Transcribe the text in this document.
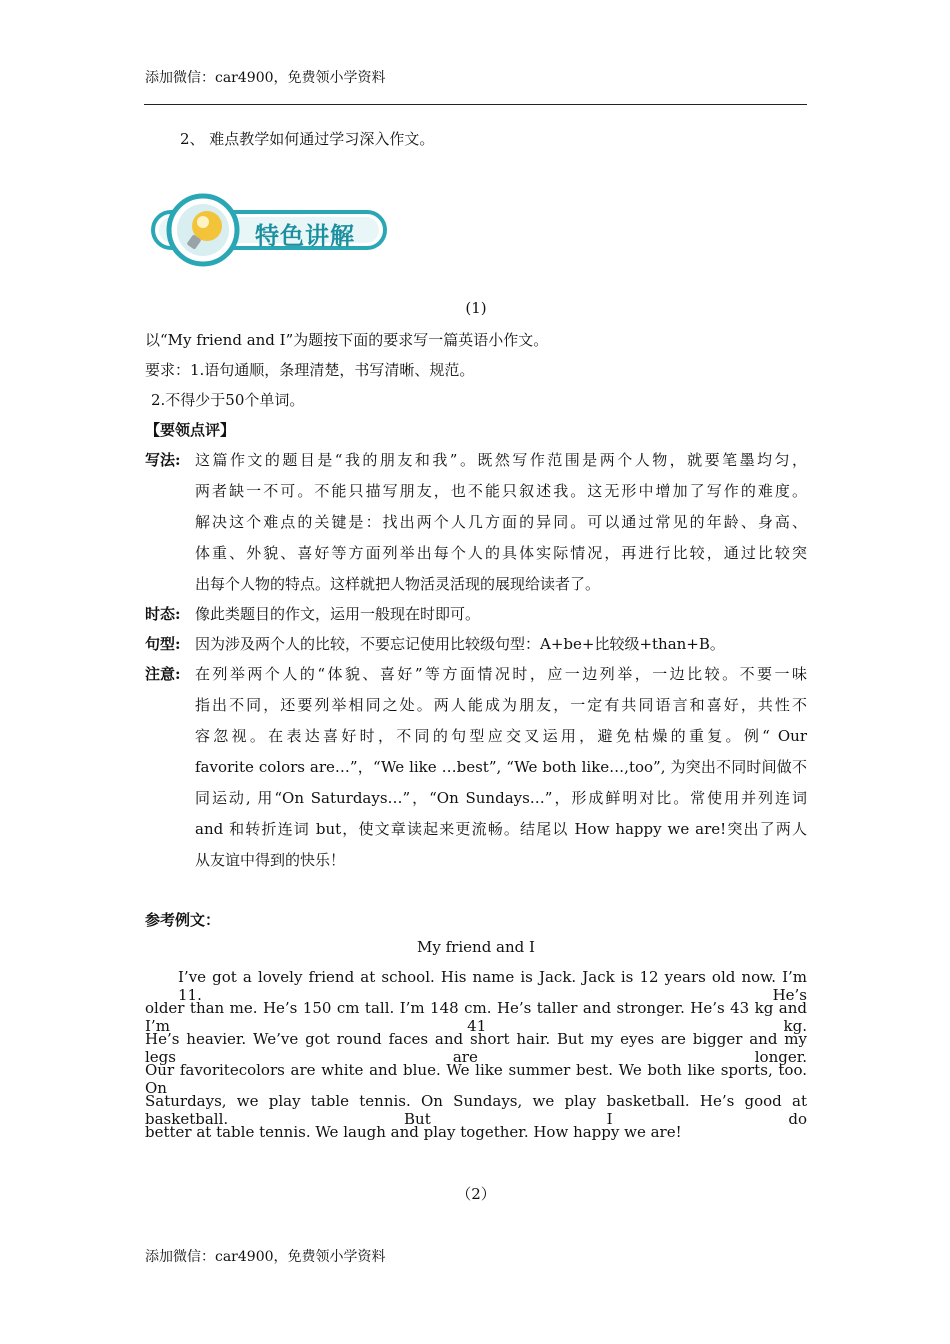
添加微信：car4900，免费领小学资料
2、 难点教学如何通过学习深入作文。
特色讲解
(1)
以“My friend and I”为题按下面的要求写一篇英语小作文。
要求：1.语句通顺，条理清楚，书写清晰、规范。
2.不得少于50个单词。
【要领点评】
写法: 这篇作文的题目是“我的朋友和我”。既然写作范围是两个人物，就要笔墨均匀，
两者缺一不可。不能只描写朋友，也不能只叙述我。这无形中增加了写作的难度。
解决这个难点的关键是：找出两个人几方面的异同。可以通过常见的年龄、身高、
体重、外貌、喜好等方面列举出每个人的具体实际情况，再进行比较，通过比较突
出每个人物的特点。这样就把人物活灵活现的展现给读者了。
时态: 像此类题目的作文，运用一般现在时即可。
句型: 因为涉及两个人的比较，不要忘记使用比较级句型：A+be+比较级+than+B。
注意: 在列举两个人的“体貌、喜好”等方面情况时，应一边列举，一边比较。不要一味
指出不同，还要列举相同之处。两人能成为朋友，一定有共同语言和喜好，共性不
容忽视。在表达喜好时，不同的句型应交叉运用，避免枯燥的重复。例“ Our
favorite colors are…”，“We like …best”, “We both like…,too”, 为突出不同时间做不
同运动, 用“On Saturdays…”，“On Sundays…”，形成鲜明对比。常使用并列连词
and 和转折连词 but，使文章读起来更流畅。结尾以 How happy we are!突出了两人
从友谊中得到的快乐！
参考例文：
My friend and I
I’ve got a lovely friend at school. His name is Jack. Jack is 12 years old now. I’m 11. He’s
older than me. He’s 150 cm tall. I’m 148 cm. He’s taller and stronger. He’s 43 kg and I’m 41 kg.
He’s heavier. We’ve got round faces and short hair. But my eyes are bigger and my legs are longer.
Our favoritecolors are white and blue. We like summer best. We both like sports, too. On
Saturdays, we play table tennis. On Sundays, we play basketball. He’s good at basketball. But I do
better at table tennis. We laugh and play together. How happy we are!
（2）
添加微信：car4900，免费领小学资料
